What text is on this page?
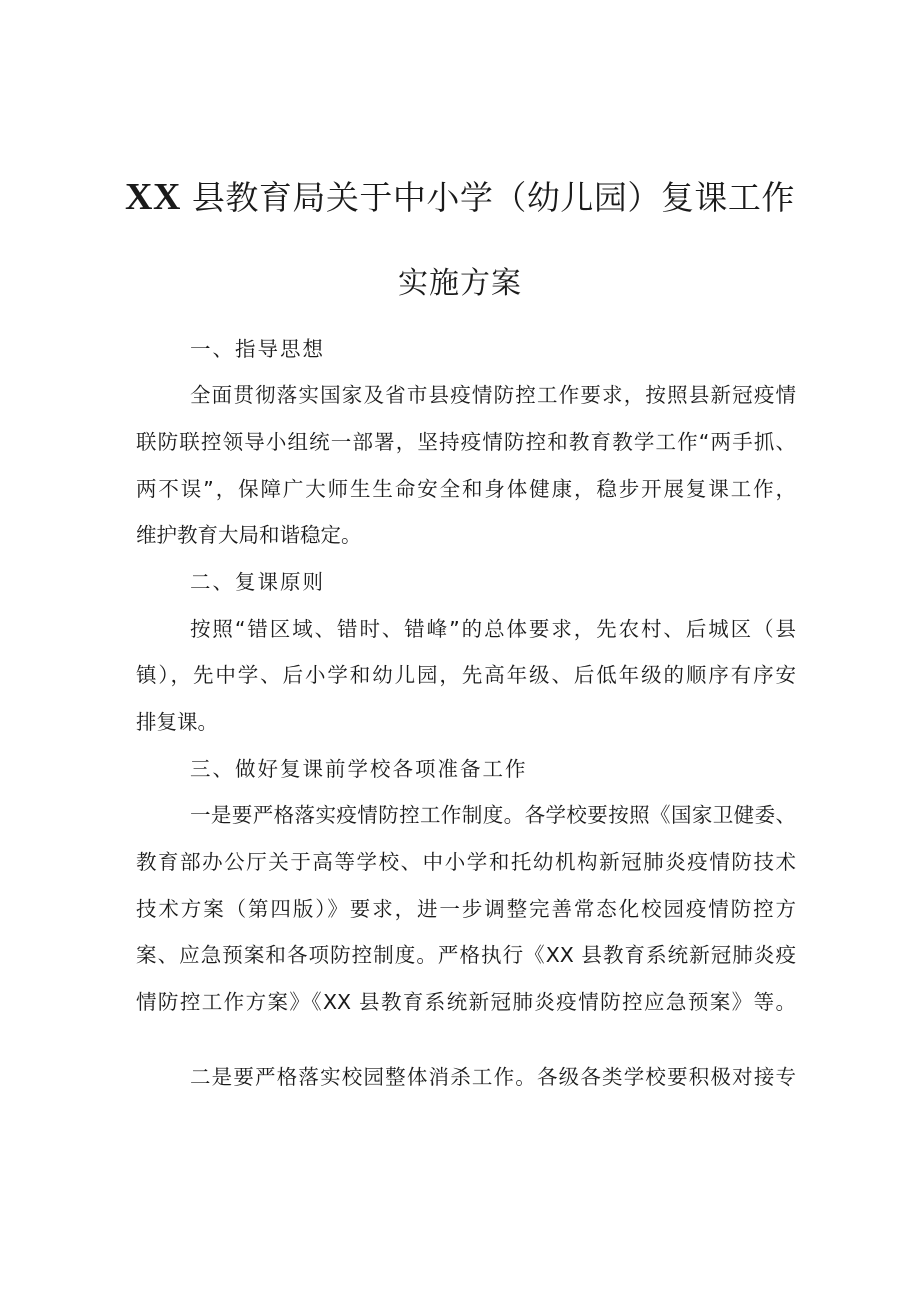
XX 县教育局关于中小学（幼儿园）复课工作
实施方案
一、指导思想
全面贯彻落实国家及省市县疫情防控工作要求，按照县新冠疫情
联防联控领导小组统一部署，坚持疫情防控和教育教学工作“两手抓、
两不误”，保障广大师生生命安全和身体健康，稳步开展复课工作，
维护教育大局和谐稳定。
二、复课原则
按照“错区域、错时、错峰”的总体要求，先农村、后城区（县
镇），先中学、后小学和幼儿园，先高年级、后低年级的顺序有序安
排复课。
三、做好复课前学校各项准备工作
一是要严格落实疫情防控工作制度。各学校要按照《国家卫健委、
教育部办公厅关于高等学校、中小学和托幼机构新冠肺炎疫情防技术
技术方案（第四版）》要求，进一步调整完善常态化校园疫情防控方
案、应急预案和各项防控制度。严格执行《XX 县教育系统新冠肺炎疫
情防控工作方案》《XX 县教育系统新冠肺炎疫情防控应急预案》等。
二是要严格落实校园整体消杀工作。各级各类学校要积极对接专
